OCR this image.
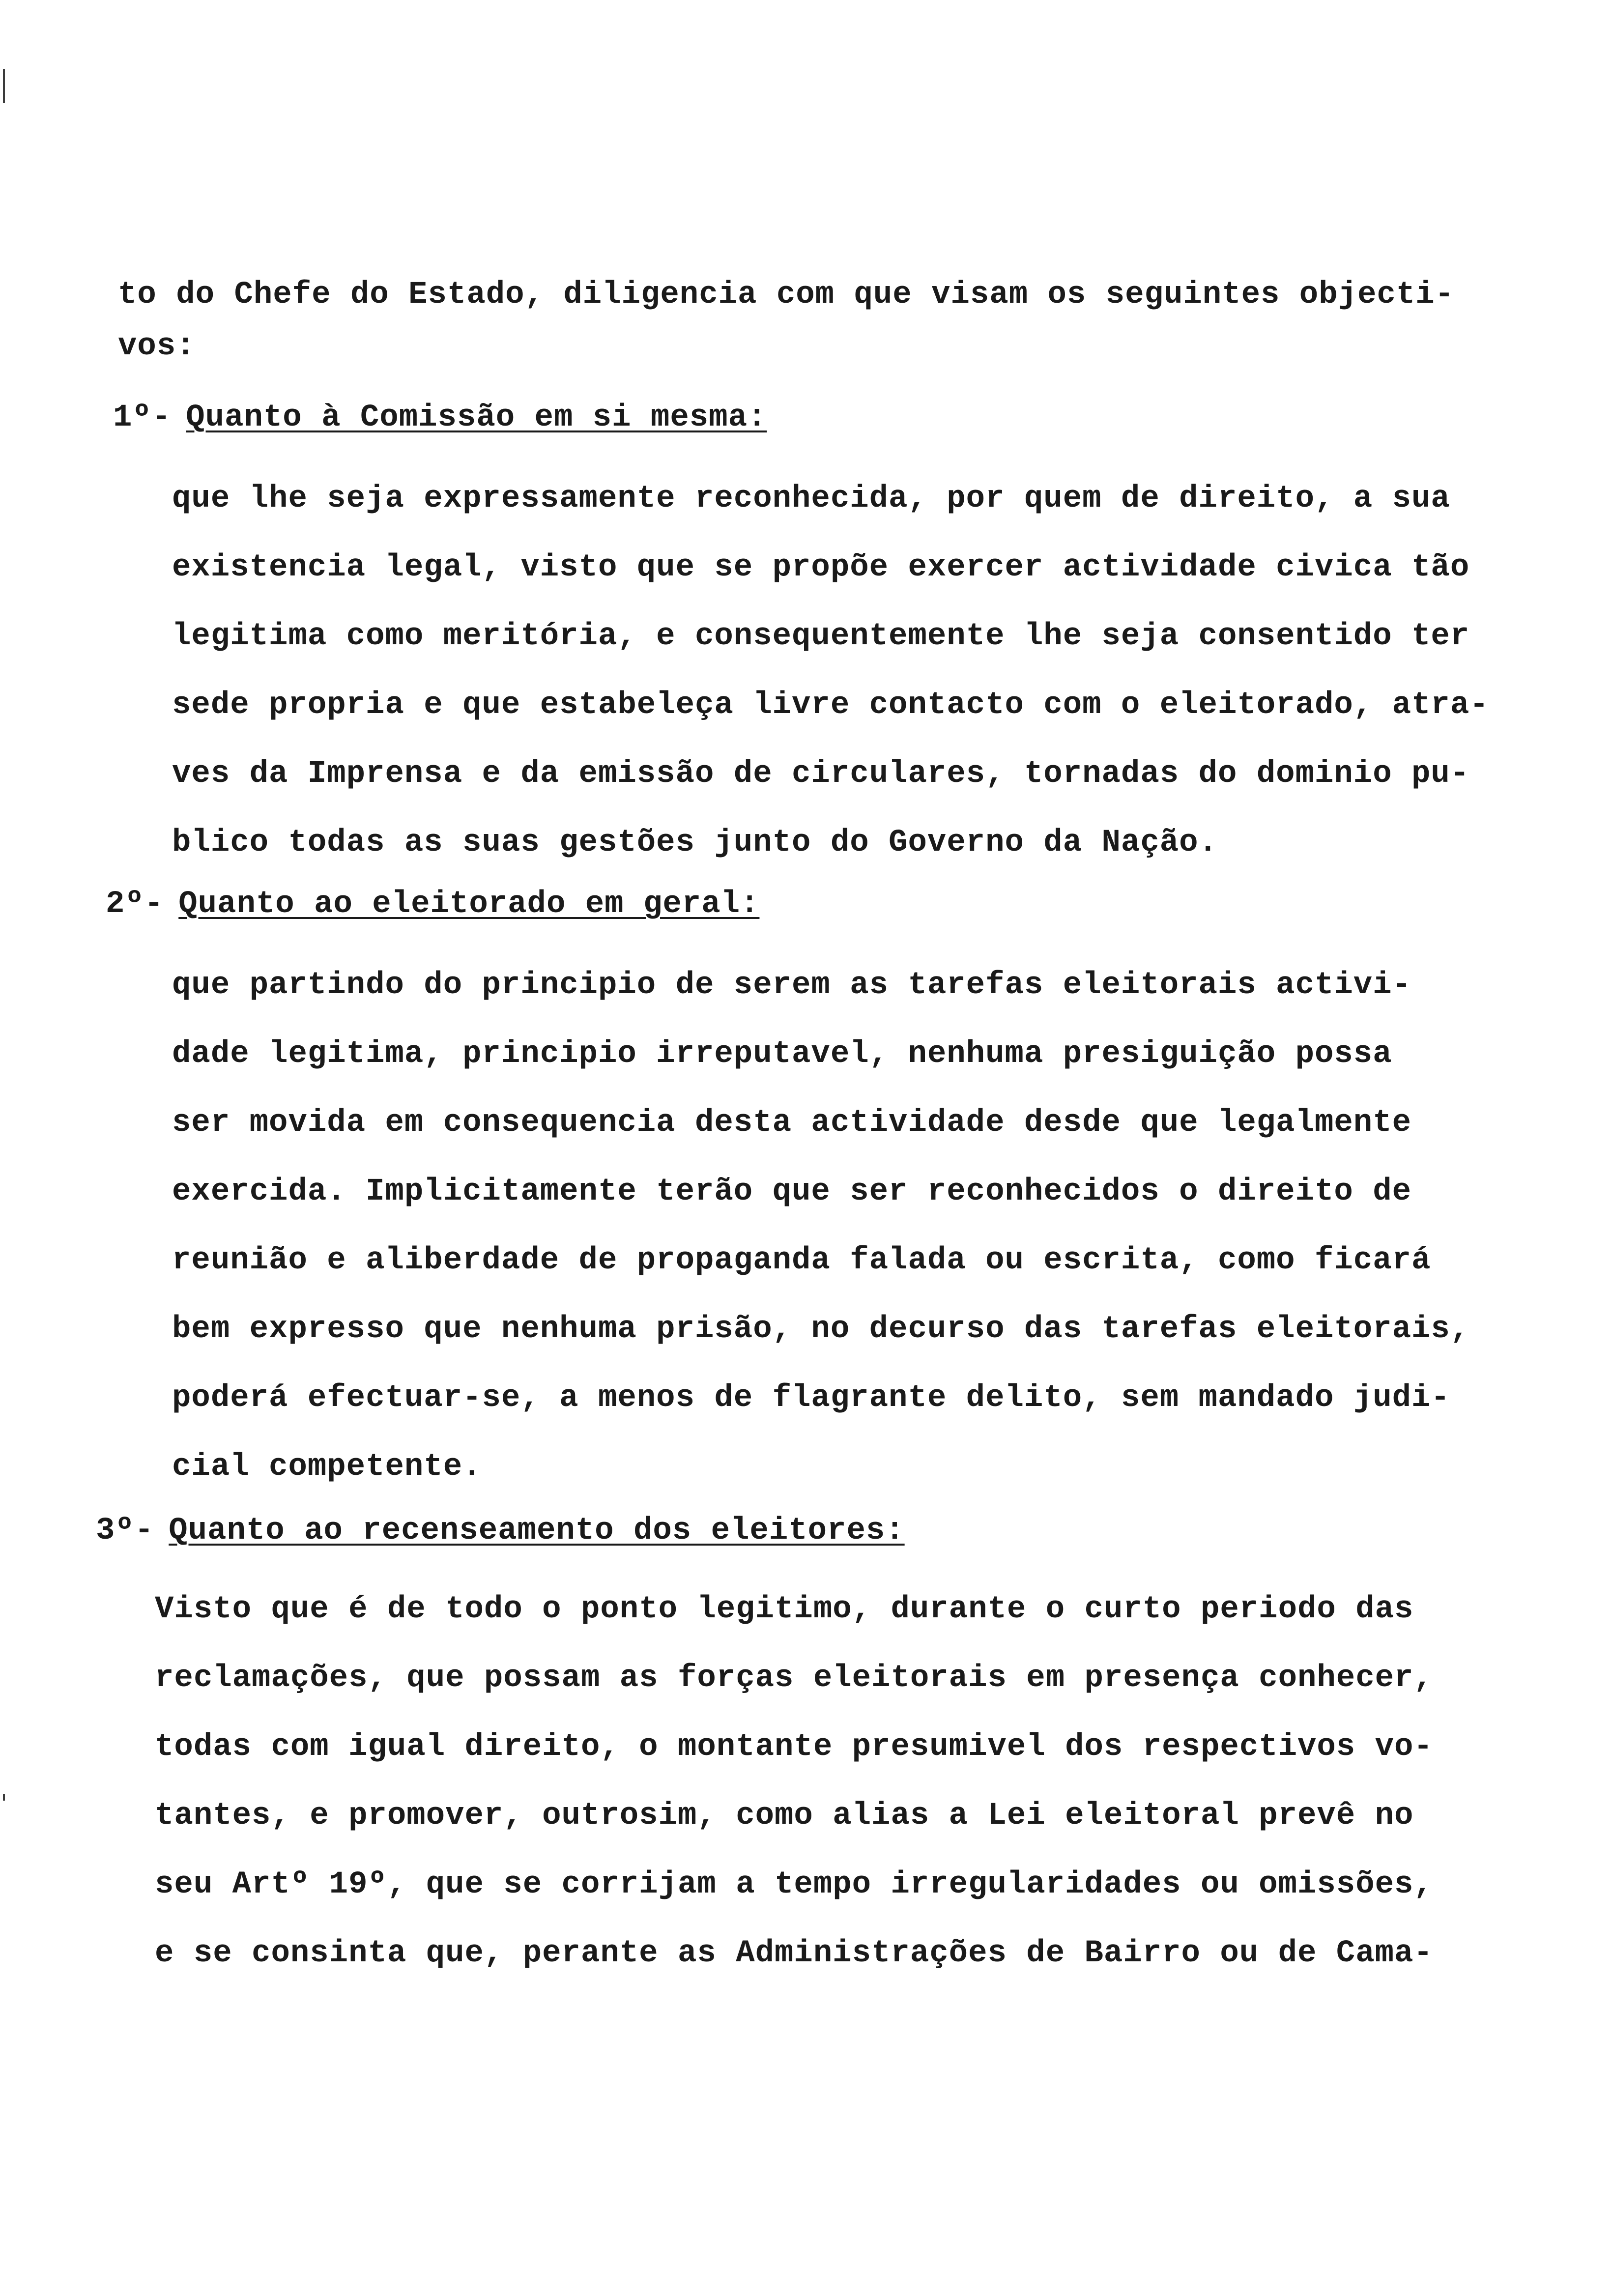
to do Chefe do Estado, diligencia com que visam os seguintes objecti-
vos:
1º- Quanto à Comissão em si mesma:
que lhe seja expressamente reconhecida, por quem de direito, a sua
existencia legal, visto que se propõe exercer actividade civica tão
legitima como meritória, e consequentemente lhe seja consentido ter
sede propria e que estabeleça livre contacto com o eleitorado, atra-
ves da Imprensa e da emissão de circulares, tornadas do dominio pu-
blico todas as suas gestões junto do Governo da Nação.
2º- Quanto ao eleitorado em geral:
que partindo do principio de serem as tarefas eleitorais activi-
dade legitima, principio irreputavel, nenhuma presiguição possa
ser movida em consequencia desta actividade desde que legalmente
exercida. Implicitamente terão que ser reconhecidos o direito de
reunião e aliberdade de propaganda falada ou escrita, como ficará
bem expresso que nenhuma prisão, no decurso das tarefas eleitorais,
poderá efectuar-se, a menos de flagrante delito, sem mandado judi-
cial competente.
3º- Quanto ao recenseamento dos eleitores:
Visto que é de todo o ponto legitimo, durante o curto periodo das
reclamações, que possam as forças eleitorais em presença conhecer,
todas com igual direito, o montante presumivel dos respectivos vo-
tantes, e promover, outrosim, como alias a Lei eleitoral prevê no
seu Artº 19º, que se corrijam a tempo irregularidades ou omissões,
e se consinta que, perante as Administrações de Bairro ou de Cama-
